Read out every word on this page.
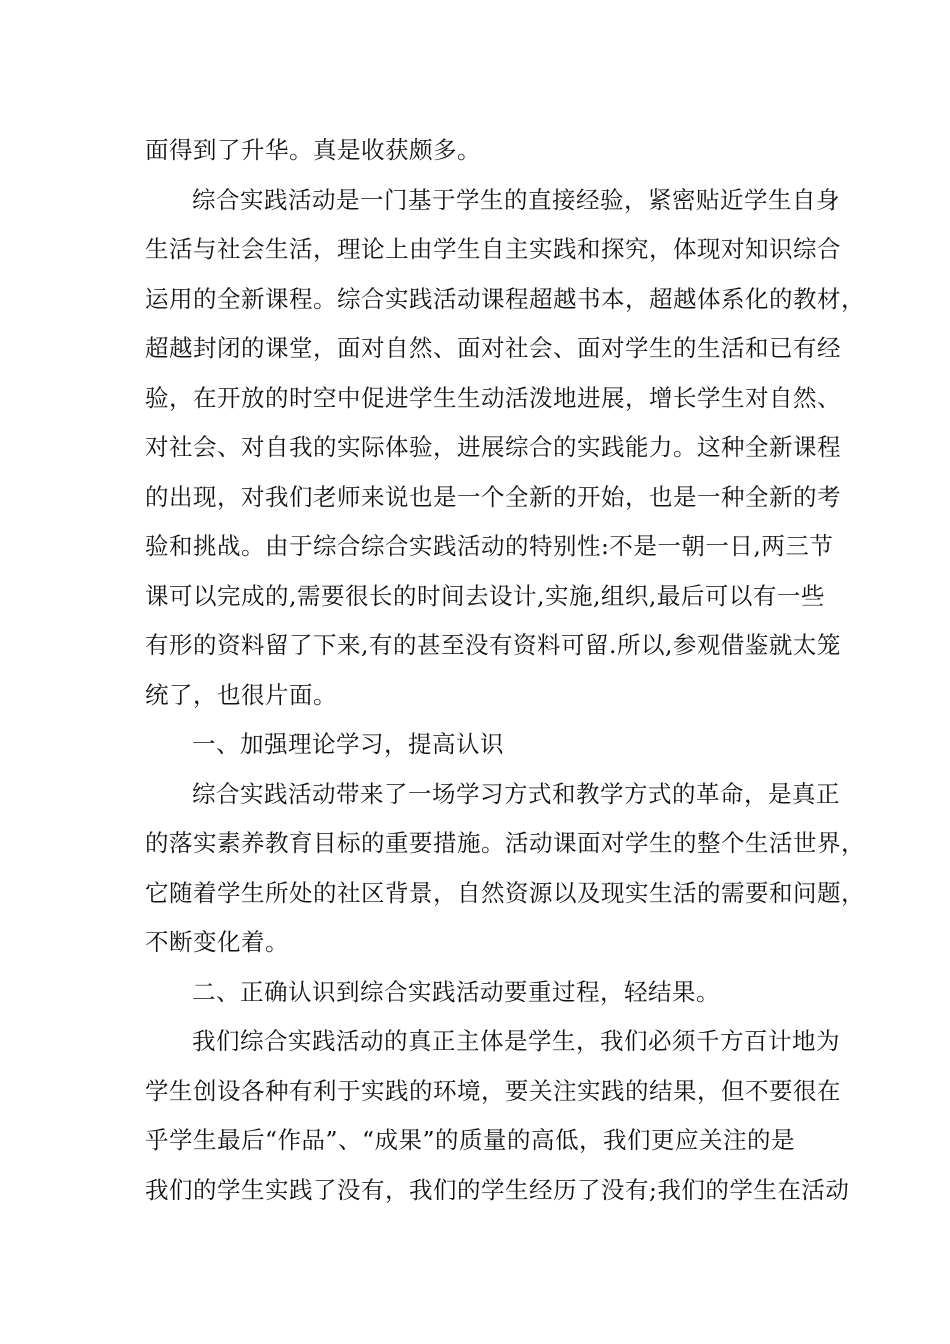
面得到了升华。真是收获颇多。
综合实践活动是一门基于学生的直接经验，紧密贴近学生自身
生活与社会生活，理论上由学生自主实践和探究，体现对知识综合
运用的全新课程。综合实践活动课程超越书本，超越体系化的教材，
超越封闭的课堂，面对自然、面对社会、面对学生的生活和已有经
验，在开放的时空中促进学生生动活泼地进展，增长学生对自然、
对社会、对自我的实际体验，进展综合的实践能力。这种全新课程
的出现，对我们老师来说也是一个全新的开始，也是一种全新的考
验和挑战。由于综合综合实践活动的特别性:不是一朝一日,两三节
课可以完成的,需要很长的时间去设计,实施,组织,最后可以有一些
有形的资料留了下来,有的甚至没有资料可留.所以,参观借鉴就太笼
统了，也很片面。
一、加强理论学习，提高认识
综合实践活动带来了一场学习方式和教学方式的革命，是真正
的落实素养教育目标的重要措施。活动课面对学生的整个生活世界，
它随着学生所处的社区背景，自然资源以及现实生活的需要和问题，
不断变化着。
二、正确认识到综合实践活动要重过程，轻结果。
我们综合实践活动的真正主体是学生，我们必须千方百计地为
学生创设各种有利于实践的环境，要关注实践的结果，但不要很在
乎学生最后“作品”、“成果”的质量的高低，我们更应关注的是
我们的学生实践了没有，我们的学生经历了没有;我们的学生在活动
